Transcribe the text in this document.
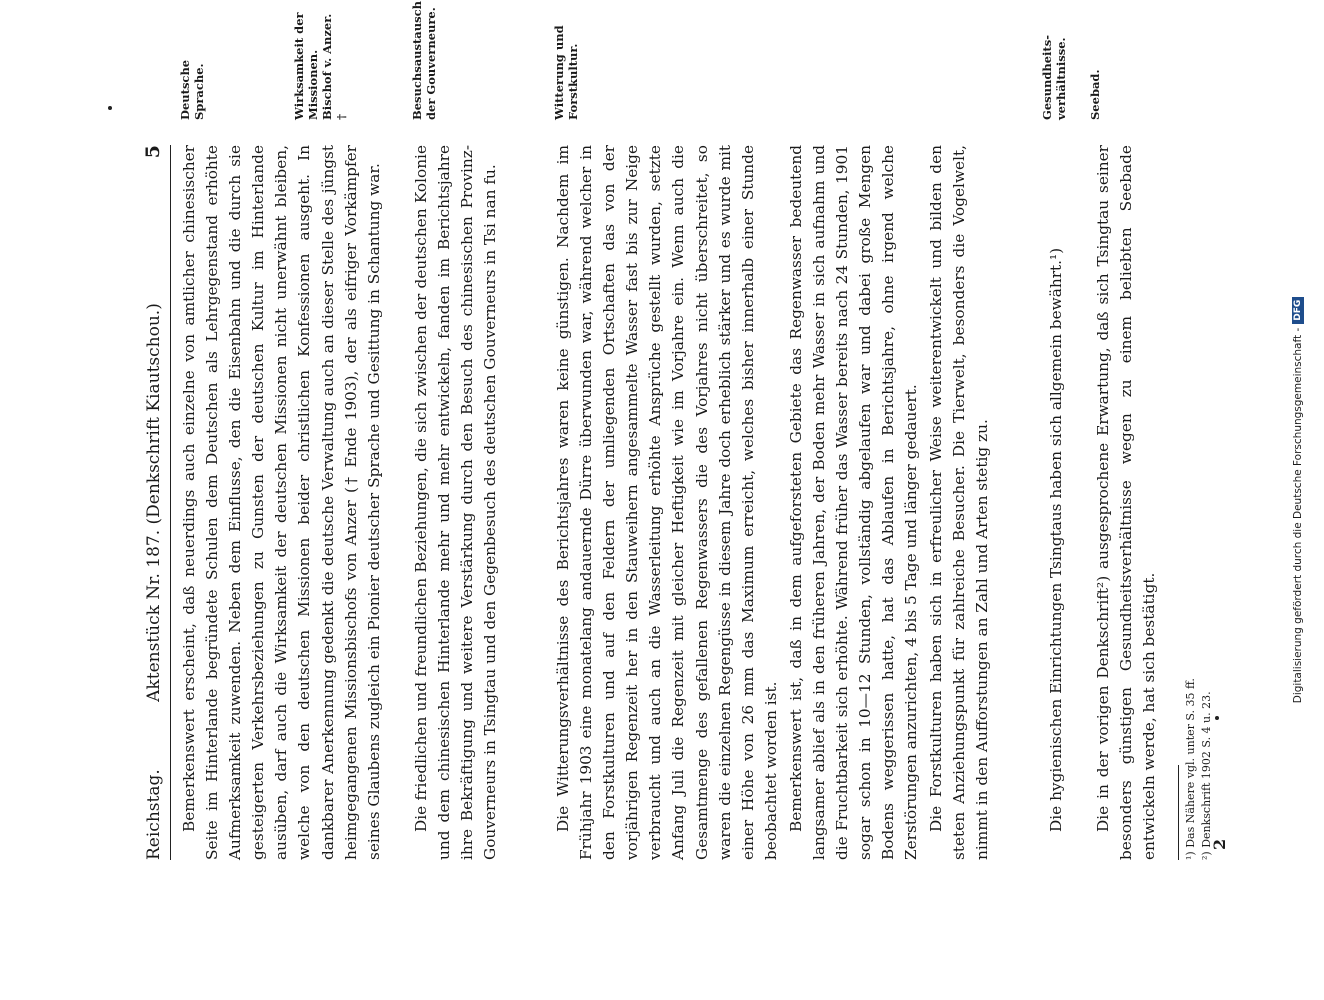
Reichstag.
Aktenstück Nr. 187. (Denkschrift Kiautschou.)
5 Bemerkenswert erscheint, daß neuerdings auch einzelne von amtlicher chinesischer Seite im Hinterlande begründete Schulen dem Deutschen als Lehrgegenstand erhöhte Aufmerksamkeit zuwenden. Neben dem Einflusse, den die Eisenbahn und die durch sie gesteigerten Verkehrsbeziehungen zu Gunsten der deutschen Kultur im Hinterlande ausüben, darf auch die Wirksamkeit der deutschen Missionen nicht unerwähnt bleiben, welche von den deutschen Missionen beider christlichen Konfessionen ausgeht. In dankbarer Anerkennung gedenkt die deutsche Verwaltung auch an dieser Stelle des jüngst heimgegangenen Missionsbischofs von Anzer († Ende 1903), der als eifriger Vorkämpfer seines Glaubens zugleich ein Pionier deutscher Sprache und Gesittung in Schantung war. Die friedlichen und freundlichen Beziehungen, die sich zwischen der deutschen Kolonie und dem chinesischen Hinterlande mehr und mehr entwickeln, fanden im Berichtsjahre ihre Bekräftigung und weitere Verstärkung durch den Besuch des chinesischen Provinz-Gouverneurs in Tsingtau und den Gegenbesuch des deutschen Gouverneurs in Tsi nan fu.	Die Witterungsverhältnisse des Berichtsjahres waren keine günstigen. Nachdem im Frühjahr 1903 eine monatelang andauernde Dürre überwunden war, während welcher in den Forstkulturen und auf den Feldern der umliegenden Ortschaften das von der vorjährigen Regenzeit her in den Stauweihern angesammelte Wasser fast bis zur Neige verbraucht und auch an die Wasserleitung erhöhte Ansprüche gestellt wurden, setzte Anfang Juli die Regenzeit mit gleicher Heftigkeit wie im Vorjahre ein. Wenn auch die Gesamtmenge des gefallenen Regenwassers die des Vorjahres nicht überschreitet, so waren die einzelnen Regengüsse in diesem Jahre doch erheblich stärker und es wurde mit einer Höhe von 26 mm das Maximum erreicht, welches bisher innerhalb einer Stunde beobachtet worden ist. Bemerkenswert ist, daß in dem aufgeforsteten Gebiete das Regenwasser bedeutend langsamer ablief als in den früheren Jahren, der Boden mehr Wasser in sich aufnahm und die Fruchtbarkeit sich erhöhte. Während früher das Wasser bereits nach 24 Stunden, 1901 sogar schon in 10—12 Stunden, vollständig abgelaufen war und dabei große Mengen Bodens weggerissen hatte, hat das Ablaufen in Berichtsjahre, ohne irgend welche Zerstörungen anzurichten, 4 bis 5 Tage und länger gedauert. Die Forstkulturen haben sich in erfreulicher Weise weiterentwickelt und bilden den steten Anziehungspunkt für zahlreiche Besucher. Die Tierwelt, besonders die Vogelwelt, nimmt in den Aufforstungen an Zahl und Arten stetig zu.	Die hygienischen Einrichtungen Tsingtaus haben sich allgemein bewährt.¹) Die in der vorigen Denkschrift²) ausgesprochene Erwartung, daß sich Tsingtau seiner besonders günstigen Gesundheitsverhältnisse wegen zu einem beliebten Seebade entwickeln werde, hat sich bestätigt.

Deutsche Sprache.	Wirksamkeit der Missionen. Bischof v. Anzer. †	Besuchsaustausch der Gouverneure.	Witterung und Forstkultur.	Gesundheits-verhältnisse. Seebad.
¹) Das Nähere vgl. unter S. 35 ff. ²) Denkschrift 1902 S. 4 u. 23.
2
Digitalisierung gefördert durch die Deutsche Forschungsgemeinschaft -DFG
